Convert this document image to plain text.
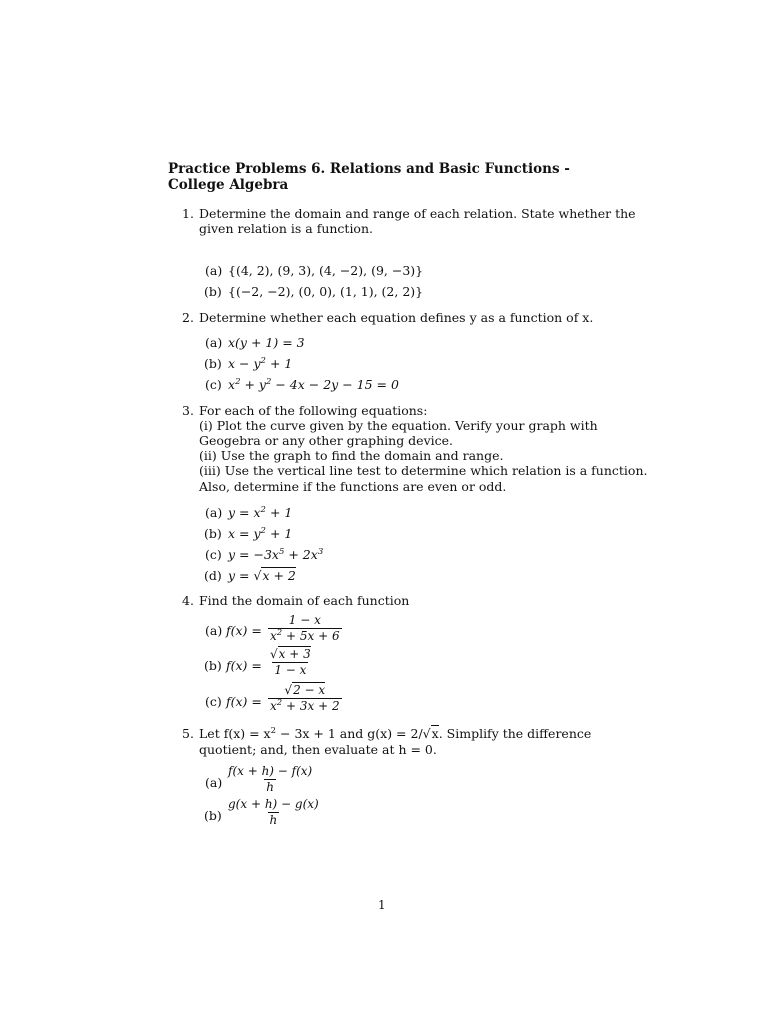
Practice Problems 6. Relations and Basic Functions - College Algebra
1. Determine the domain and range of each relation. State whether the
given relation is a function.
(a) {(4, 2), (9, 3), (4, −2), (9, −3)}
(b) {(−2, −2), (0, 0), (1, 1), (2, 2)}
2. Determine whether each equation defines y as a function of x.
(a) x(y + 1) = 3
(b) $x - y^2 + 1$
(c) $x^2 + y^2 - 4x - 2y - 15 = 0$
3. For each of the following equations:
(i) Plot the curve given by the equation. Verify your graph with
Geogebra or any other graphing device.
(ii) Use the graph to find the domain and range.
(iii) Use the vertical line test to determine which relation is a function.
Also, determine if the functions are even or odd.
(a) $y = x^2 + 1$
(b) $x = y^2 + 1$
(c) $y = -3x^5 + 2x^3$
(d) y = √x + 2
4. Find the domain of each function
(a) $f(x) = \frac{1 - x}{x^2 + 5x + 6}$
(b) $f(x) = \frac{√x + 3}{1 - x}$
(c) $f(x) = \frac{√2 - x}{x^2 + 3x + 2}$
5. Let $f(x) = x^2 - 3x + 1$ and g(x) = 2/√x. Simplify the difference
quotient; and, then evaluate at h = 0.
$(a) \frac{f(x + h) - f(x)}{h}$
$(b) \frac{g(x + h) - g(x)}{h}$
1
